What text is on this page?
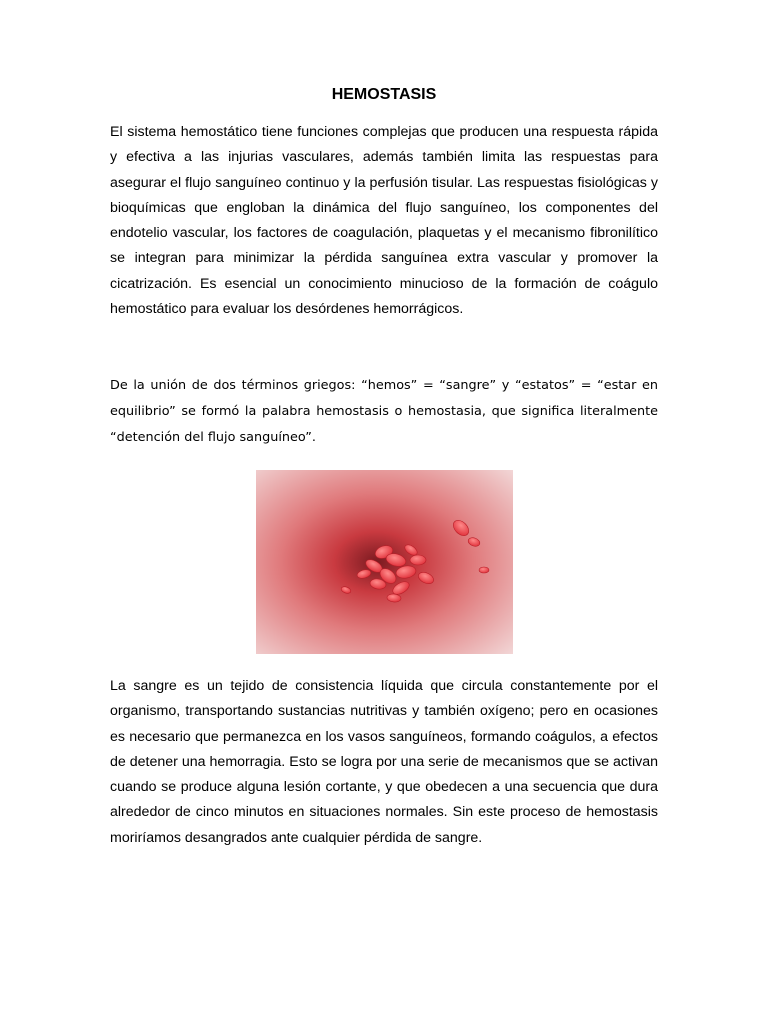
HEMOSTASIS

El sistema hemostático tiene funciones complejas que producen una respuesta rápida y efectiva a las injurias vasculares, además también limita las respuestas para asegurar el flujo sanguíneo continuo y la perfusión tisular. Las respuestas fisiológicas y bioquímicas que engloban la dinámica del flujo sanguíneo, los componentes del endotelio vascular, los factores de coagulación, plaquetas y el mecanismo fibronilítico se integran para minimizar la pérdida sanguínea extra vascular y promover la cicatrización. Es esencial un conocimiento minucioso de la formación de coágulo hemostático para evaluar los desórdenes hemorrágicos.

De la unión de dos términos griegos: “hemos” = “sangre” y “estatos” = “estar en equilibrio” se formó la palabra hemostasis o hemostasia, que significa literalmente “detención del flujo sanguíneo”.

La sangre es un tejido de consistencia líquida que circula constantemente por el organismo, transportando sustancias nutritivas y también oxígeno; pero en ocasiones es necesario que permanezca en los vasos sanguíneos, formando coágulos, a efectos de detener una hemorragia. Esto se logra por una serie de mecanismos que se activan cuando se produce alguna lesión cortante, y que obedecen a una secuencia que dura alrededor de cinco minutos en situaciones normales. Sin este proceso de hemostasis moriríamos desangrados ante cualquier pérdida de sangre.
